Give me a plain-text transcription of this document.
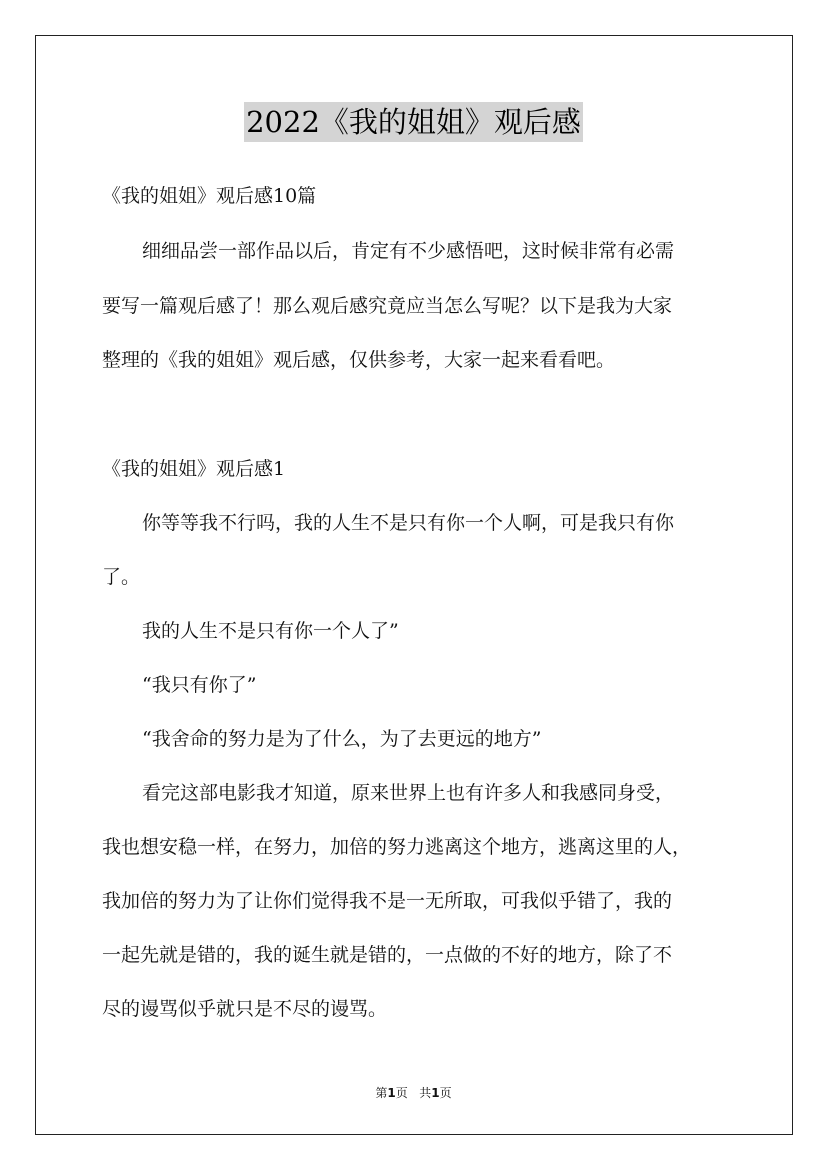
2022《我的姐姐》观后感
《我的姐姐》观后感10篇
细细品尝一部作品以后，肯定有不少感悟吧，这时候非常有必需
要写一篇观后感了！那么观后感究竟应当怎么写呢？以下是我为大家
整理的《我的姐姐》观后感，仅供参考，大家一起来看看吧。
《我的姐姐》观后感1
你等等我不行吗，我的人生不是只有你一个人啊，可是我只有你
了。
我的人生不是只有你一个人了”
“我只有你了”
“我舍命的努力是为了什么，为了去更远的地方”
看完这部电影我才知道，原来世界上也有许多人和我感同身受，
我也想安稳一样，在努力，加倍的努力逃离这个地方，逃离这里的人，
我加倍的努力为了让你们觉得我不是一无所取，可我似乎错了，我的
一起先就是错的，我的诞生就是错的，一点做的不好的地方，除了不
尽的谩骂似乎就只是不尽的谩骂。
第1页 共1页
